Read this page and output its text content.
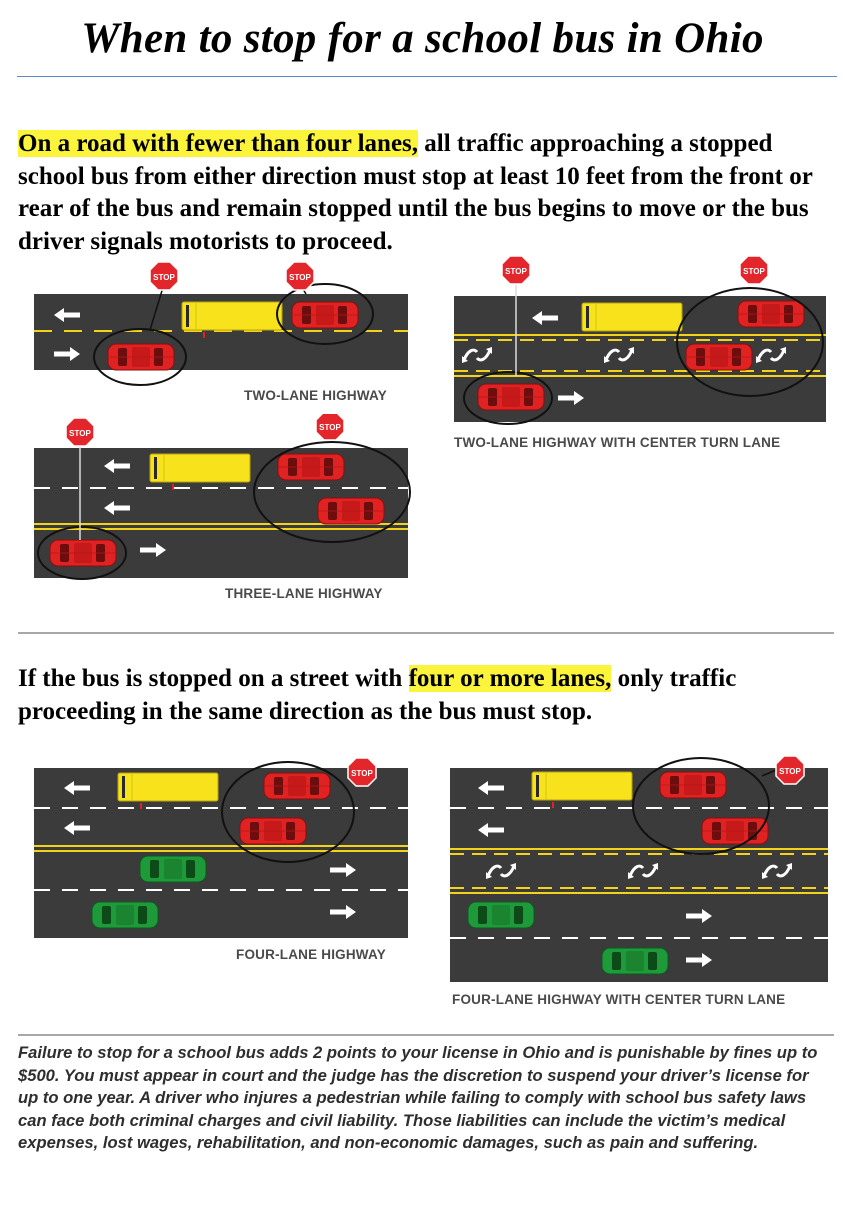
When to stop for a school bus in Ohio
On a road with fewer than four lanes, all traffic approaching a stopped school bus from either direction must stop at least 10 feet from the front or rear of the bus and remain stopped until the bus begins to move or the bus driver signals motorists to proceed.
STOP	STOP
TWO-LANE HIGHWAY
STOP	STOP
TWO-LANE HIGHWAY WITH CENTER TURN LANE
STOP
STOP
THREE-LANE HIGHWAY
If the bus is stopped on a street with four or more lanes, only traffic proceeding in the same direction as the bus must stop.
STOP
FOUR-LANE HIGHWAY
STOP
FOUR-LANE HIGHWAY WITH CENTER TURN LANE
Failure to stop for a school bus adds 2 points to your license in Ohio and is punishable by fines up to $500. You must appear in court and the judge has the discretion to suspend your driver’s license for up to one year. A driver who injures a pedestrian while failing to comply with school bus safety laws can face both criminal charges and civil liability. Those liabilities can include the victim’s medical expenses, lost wages, rehabilitation, and non-economic damages, such as pain and suffering.
